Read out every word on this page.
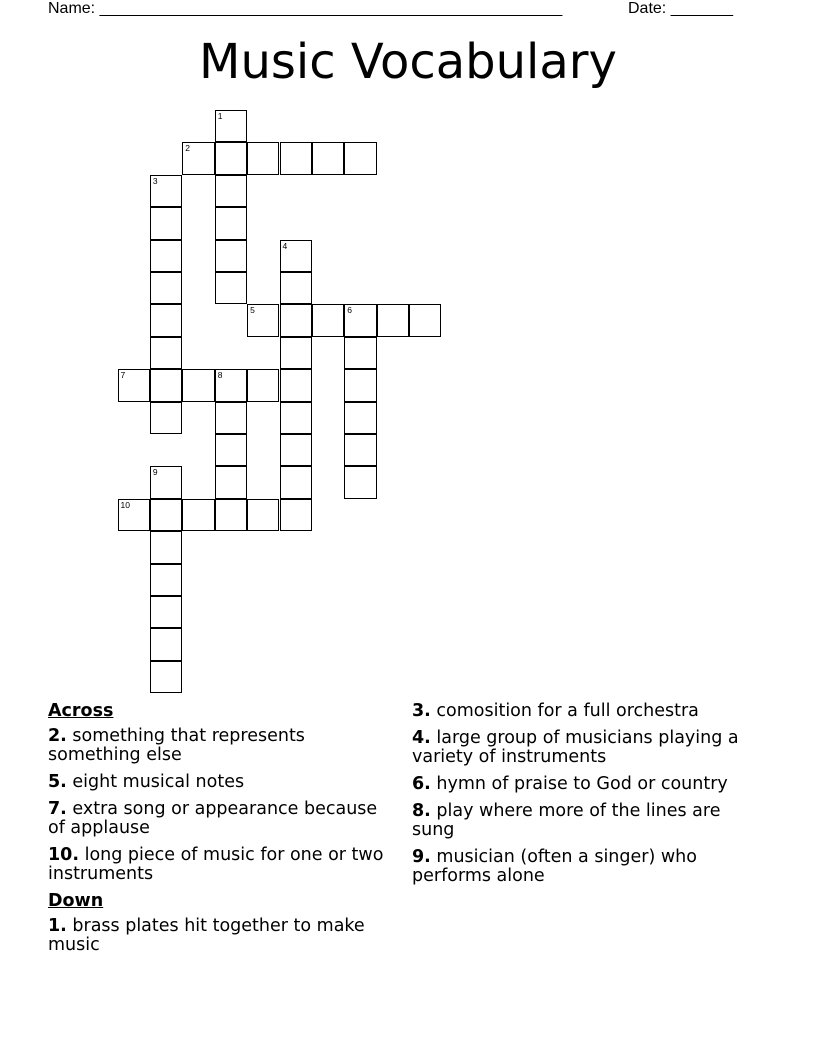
Name: ____________________________________________________	Date: _______
Music Vocabulary
1
2
3
4
5	6
7	8
9
10
Across
2. something that represents something else
5. eight musical notes
7. extra song or appearance because of applause
10. long piece of music for one or two instruments
Down
1. brass plates hit together to make music
3. comosition for a full orchestra
4. large group of musicians playing a variety of instruments
6. hymn of praise to God or country
8. play where more of the lines are sung
9. musician (often a singer) who performs alone
